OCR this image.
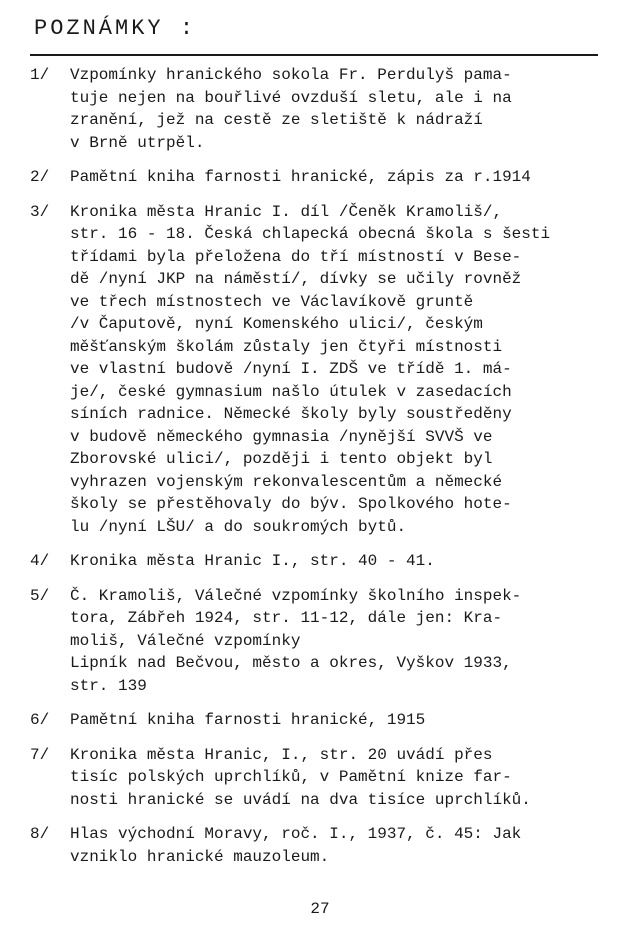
POZNÁMKY :
1/	Vzpomínky hranického sokola Fr. Perdulyš pama-
tuje nejen na bouřlivé ovzduší sletu, ale i na
zranění, jež na cestě ze sletiště k nádraží
v Brně utrpěl.
2/	Pamětní kniha farnosti hranické, zápis za r.1914
3/	Kronika města Hranic I. díl /Čeněk Kramoliš/,
str. 16 - 18. Česká chlapecká obecná škola s šesti
třídami byla přeložena do tří místností v Bese-
dě /nyní JKP na náměstí/, dívky se učily rovněž
ve třech místnostech ve Václavíkově gruntě
/v Čaputově, nyní Komenského ulici/, českým
měšťanským školám zůstaly jen čtyři místnosti
ve vlastní budově /nyní I. ZDŠ ve třídě 1. má-
je/, české gymnasium našlo útulek v zasedacích
síních radnice. Německé školy byly soustředěny
v budově německého gymnasia /nynější SVVŠ ve
Zborovské ulici/, později i tento objekt byl
vyhrazen vojenským rekonvalescentům a německé
školy se přestěhovaly do býv. Spolkového hote-
lu /nyní LŠU/ a do soukromých bytů.
4/	Kronika města Hranic I., str. 40 - 41.
5/	Č. Kramoliš, Válečné vzpomínky školního inspek-
tora, Zábřeh 1924, str. 11-12, dále jen: Kra-
moliš, Válečné vzpomínky
Lipník nad Bečvou, město a okres, Vyškov 1933,
str. 139
6/	Pamětní kniha farnosti hranické, 1915
7/	Kronika města Hranic, I., str. 20 uvádí přes
tisíc polských uprchlíků, v Pamětní knize far-
nosti hranické se uvádí na dva tisíce uprchlíků.
8/	Hlas východní Moravy, roč. I., 1937, č. 45: Jak
vzniklo hranické mauzoleum.
27
